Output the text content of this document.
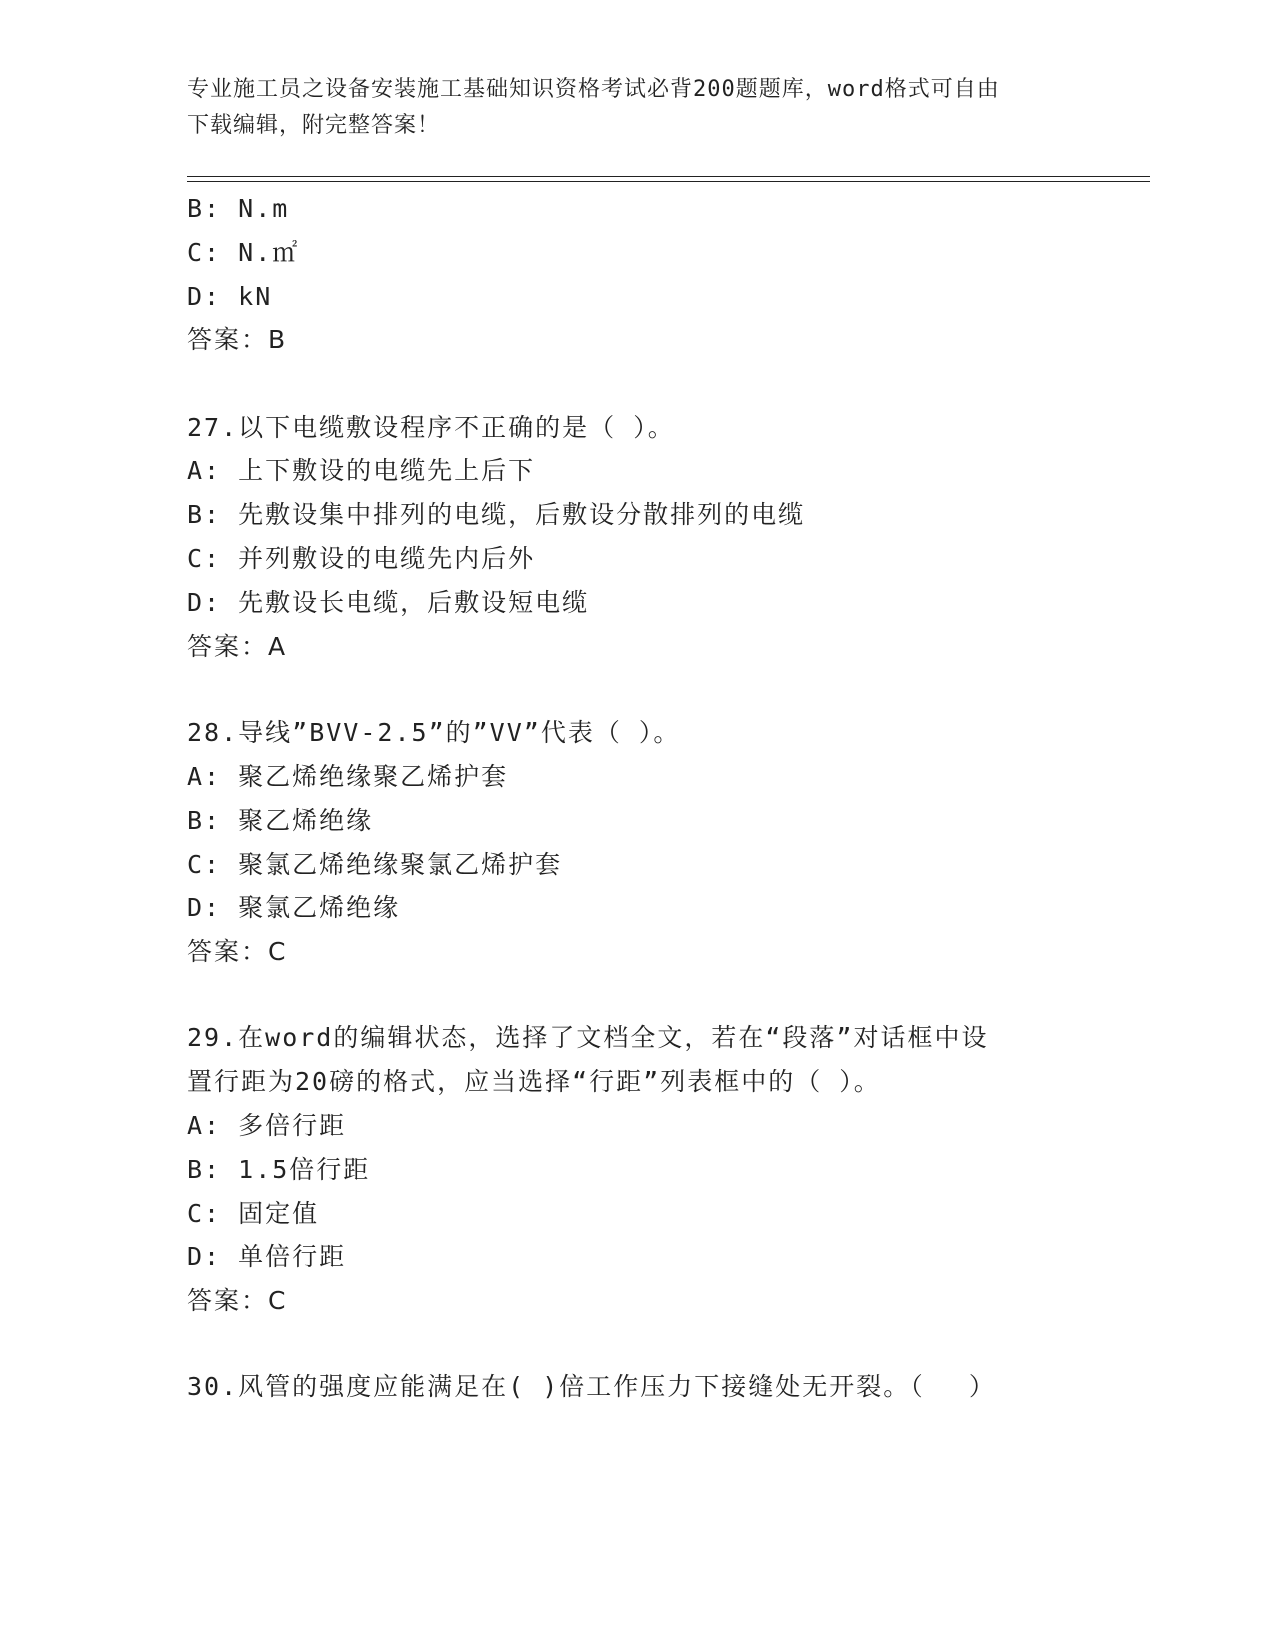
专业施工员之设备安装施工基础知识资格考试必背200题题库，word格式可自由
下载编辑，附完整答案！
B: N.m
C: N.㎡
D: kN
答案：B
27.以下电缆敷设程序不正确的是（ ）。
A: 上下敷设的电缆先上后下
B: 先敷设集中排列的电缆，后敷设分散排列的电缆
C: 并列敷设的电缆先内后外
D: 先敷设长电缆，后敷设短电缆
答案：A
28.导线”BVV-2.5”的”VV”代表（ ）。
A: 聚乙烯绝缘聚乙烯护套
B: 聚乙烯绝缘
C: 聚氯乙烯绝缘聚氯乙烯护套
D: 聚氯乙烯绝缘
答案：C
29.在word的编辑状态，选择了文档全文，若在“段落”对话框中设
置行距为20磅的格式，应当选择“行距”列表框中的（ ）。
A: 多倍行距
B: 1.5倍行距
C: 固定值
D: 单倍行距
答案：C
30.风管的强度应能满足在( )倍工作压力下接缝处无开裂。（　 ）
